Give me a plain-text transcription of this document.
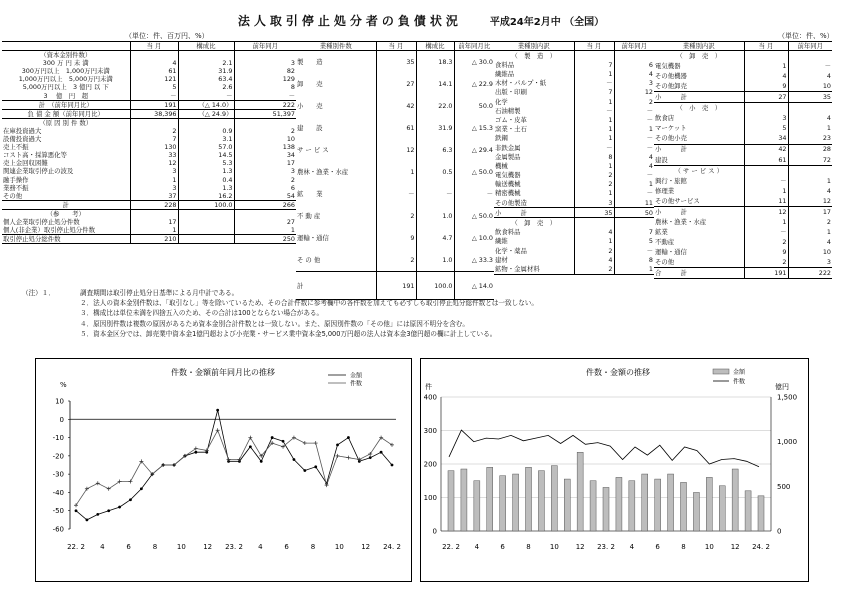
法人取引停止処分者の負債状況	平成24年2月中 （全国）
（単位：件、百万円、%）	（単位：件、%）
	当 月	構成比	前年同月
（資本金別件数）			
300 万 円 未 満	4	2.1	3
300万円以上　1,000万円未満	61	31.9	82
1,000万円以上　5,000万円未満	121	63.4	129
5,000万円以上　3 億円 以 下	5	2.6	8
3 　億　円　超	－	－	－
計　（前年同月比）	191	（△ 14.0）	222
負 債 金 額（前年同月比）	38,396	（△ 24.9）	51,397
（原 因 別 件 数）			
在庫投資過大	2	0.9	2
設備投資過大	7	3.1	10
売上不振	130	57.0	138
コスト高・採算悪化等	33	14.5	34
売上金回収困難	12	5.3	17
関連企業取引停止の波及	3	1.3	3
融手操作	1	0.4	2
業務不振	3	1.3	6
その他	37	16.2	54
計	228	100.0	266
（参　　考）			
個人企業取引停止処分件数	17		27
個人(非企業）取引停止処分件数	1		1
取引停止処分総件数	210		250
業種別件数	当 月	構成比	前年同月比
製　　造	35	18.3	△ 30.0
卸　　売	27	14.1	△ 22.9
小　　売	42	22.0	50.0
建　　設	61	31.9	△ 15.3
サ ー ビ ス	12	6.3	△ 29.4
農林・漁業・水産	1	0.5	△ 50.0
鉱　　業	－	－	－
不 動 産	2	1.0	△ 50.0
運輸・通信	9	4.7	△ 10.0
そ の 他	2	1.0	△ 33.3
計	191	100.0	△ 14.0
業種別内訳	当 月	前年同月
（　製　造　）		
食料品	7	6
繊維品	1	4
木材・パルプ・紙	－	3
出版・印刷	7	12
化学	1	2
石油精製	－	－
ゴム・皮革	1	－
窯業・土石	1	1
鉄鋼	1	－
非鉄金属	－	－
金属製品	8	4
機械	1	4
電気機器	2	－
輸送機械	2	1
精密機械	1	－
その他製造	3	11
小　　　計	35	50
（　卸　売　）		
飲食料品	4	7
繊維	1	5
化学・薬品	2	－
建材	4	8
鉱物・金属材料	2	1
業種別内訳	当 月	前年同月
（　卸　売　）		
電気機器	1	－
その他機器	4	4
その他卸売	9	10
小　　　計	27	35
（　小　売　）		
飲食店	3	4
マーケット	5	1
その他小売	34	23
小　　　計	42	28
建設	61	72
（ サ ー ビ ス ）		
興行・旅館	－	1
修理業	1	4
その他サービス	11	12
小　　　計	12	17
農林・漁業・水産	1	2
鉱業	－	1
不動産	2	4
運輸・通信	9	10
その他	2	3
合　　　計	191	222
（注）１．	調査期間は取引停止処分日基準による月中計である。
２．法人の資本金別件数は、「取引なし」等を除いているため、その合計件数に参考欄中の各件数を加えても必ずしも取引停止処分総件数とは一致しない。
３．構成比は単位未満を四捨五入のため、その合計は100とならない場合がある。
４．原因別件数は複数の原因があるため資本金別合計件数とは一致しない。また、原因別件数の「その他」には原因不明分を含む。
５．資本金区分では、卸売業中資本金1億円超および小売業・サービス業中資本金5,000万円超の法人は資本金3億円超の欄に計上している。
件数・金額前年同月比の推移
%
10
0
-10
-20
-30
-40
-50
-60
22. 2 4	6	8	10 12 23. 2 4	6	8	10 12 24. 2
金額
件数
件数・金額の推移
件	億円
0
100
200
300
400
0
500
1,000
1,500
22. 2 4	6	8	10 12 23. 2 4	6	8	10 12 24. 2
金額
件数
